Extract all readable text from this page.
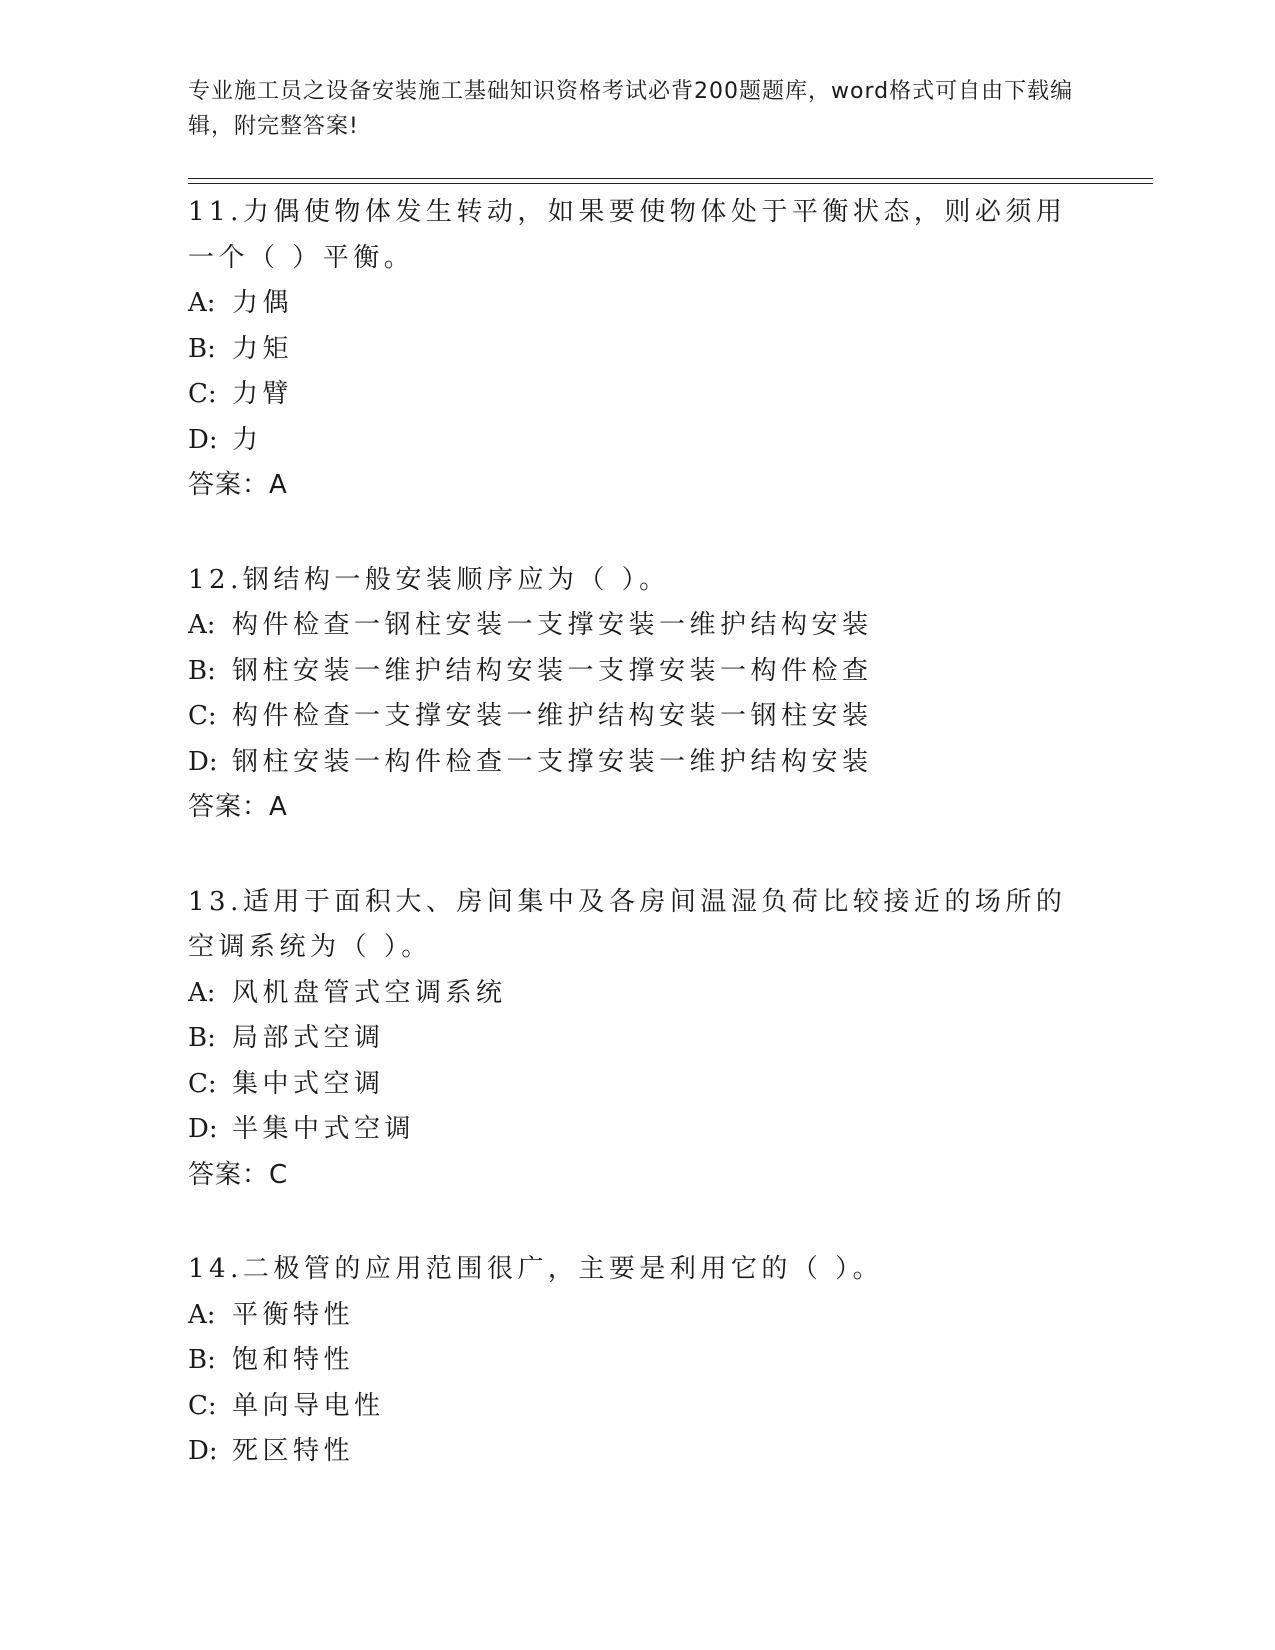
专业施工员之设备安装施工基础知识资格考试必背200题题库，word格式可自由下载编辑，附完整答案!

11.力偶使物体发生转动，如果要使物体处于平衡状态，则必须用一个（ ）平衡。

A: 力偶
B: 力矩
C: 力臂
D: 力

答案：A

12.钢结构一般安装顺序应为（ ）。

A: 构件检查一钢柱安装一支撑安装一维护结构安装
B: 钢柱安装一维护结构安装一支撑安装一构件检查
C: 构件检查一支撑安装一维护结构安装一钢柱安装
D: 钢柱安装一构件检查一支撑安装一维护结构安装

答案：A

13.适用于面积大、房间集中及各房间温湿负荷比较接近的场所的空调系统为（ ）。

A: 风机盘管式空调系统
B: 局部式空调
C: 集中式空调
D: 半集中式空调

答案：C

14.二极管的应用范围很广，主要是利用它的（ ）。

A: 平衡特性
B: 饱和特性
C: 单向导电性
D: 死区特性
